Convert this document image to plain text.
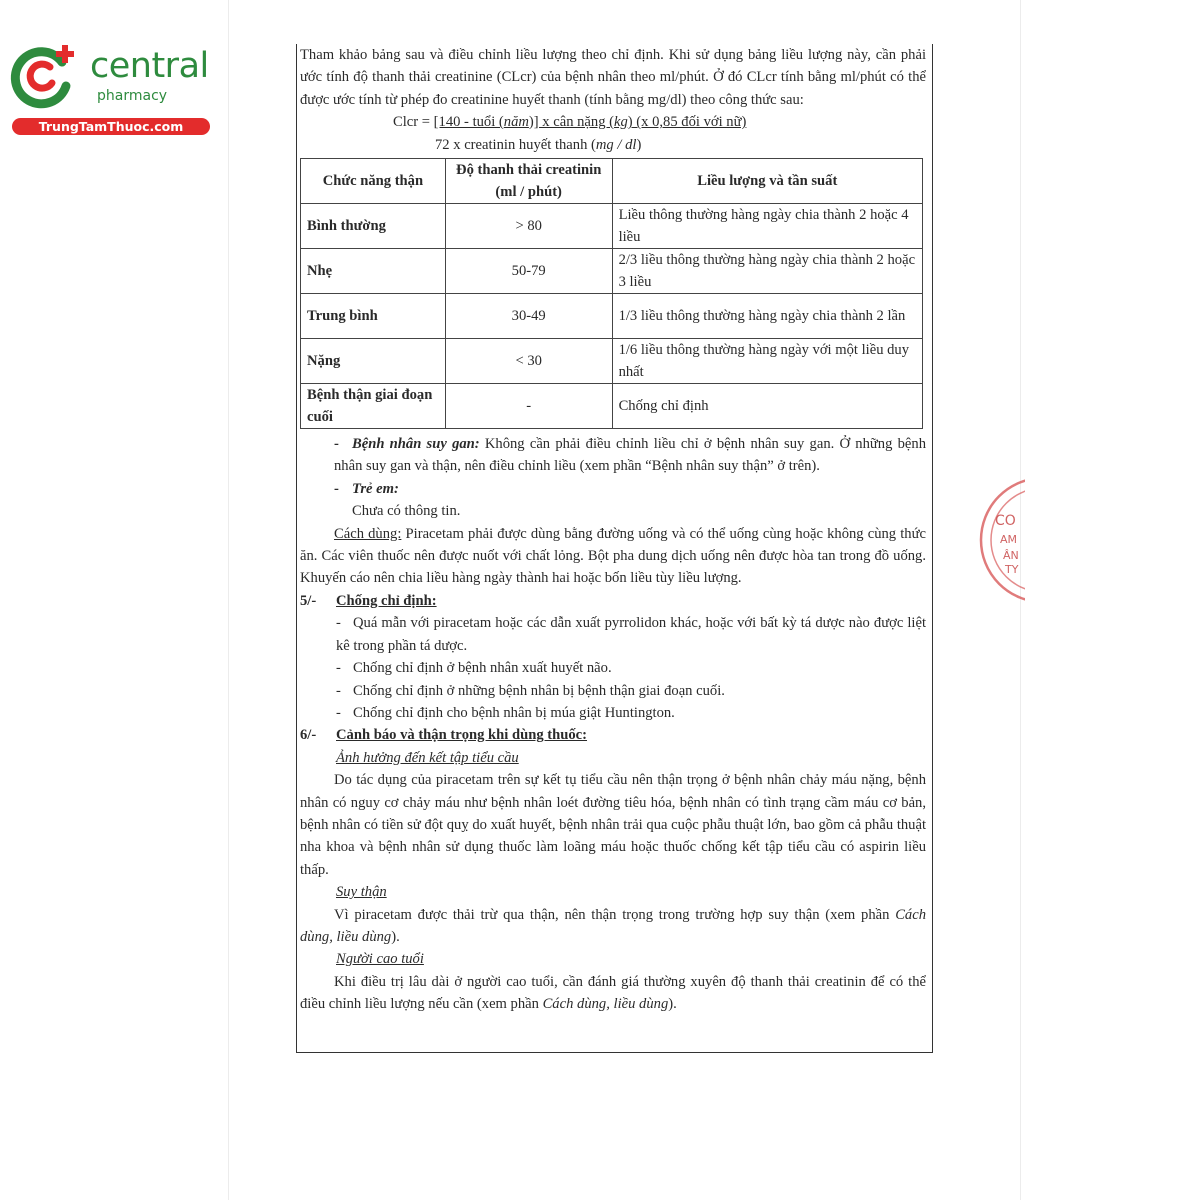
central
pharmacy
TrungTamThuoc.com
CO
AM
ÂN
TY

Tham khảo bảng sau và điều chỉnh liều lượng theo chỉ định. Khi sử dụng bảng liều lượng này, cần phải ước tính độ thanh thải creatinine (CLcr) của bệnh nhân theo ml/phút. Ở đó CLcr tính bằng ml/phút có thể được ước tính từ phép đo creatinine huyết thanh (tính bằng mg/dl) theo công thức sau:

Clcr = [140 - tuổi (năm)] x cân nặng (kg) (x 0,85 đối với nữ)

72 x creatinin huyết thanh (mg / dl)

Chức năng thận	Độ thanh thải creatinin (ml / phút)	Liều lượng và tần suất
Bình thường	> 80	Liều thông thường hàng ngày chia thành 2 hoặc 4 liều
Nhẹ	50-79	2/3 liều thông thường hàng ngày chia thành 2 hoặc 3 liều
Trung bình	30-49	1/3 liều thông thường hàng ngày chia thành 2 lần
Nặng	< 30	1/6 liều thông thường hàng ngày với một liều duy nhất
Bệnh thận giai đoạn cuối	-	Chống chỉ định

- Bệnh nhân suy gan: Không cần phải điều chỉnh liều chỉ ở bệnh nhân suy gan. Ở những bệnh nhân suy gan và thận, nên điều chỉnh liều (xem phần “Bệnh nhân suy thận” ở trên).

- Trẻ em:

Chưa có thông tin.

Cách dùng: Piracetam phải được dùng bằng đường uống và có thể uống cùng hoặc không cùng thức ăn. Các viên thuốc nên được nuốt với chất lỏng. Bột pha dung dịch uống nên được hòa tan trong đồ uống. Khuyến cáo nên chia liều hàng ngày thành hai hoặc bốn liều tùy liều lượng.

5/- Chống chỉ định:

- Quá mẫn với piracetam hoặc các dẫn xuất pyrrolidon khác, hoặc với bất kỳ tá dược nào được liệt kê trong phần tá dược.

- Chống chỉ định ở bệnh nhân xuất huyết não.

- Chống chỉ định ở những bệnh nhân bị bệnh thận giai đoạn cuối.

- Chống chỉ định cho bệnh nhân bị múa giật Huntington.

6/- Cảnh báo và thận trọng khi dùng thuốc:

Ảnh hưởng đến kết tập tiểu cầu

Do tác dụng của piracetam trên sự kết tụ tiểu cầu nên thận trọng ở bệnh nhân chảy máu nặng, bệnh nhân có nguy cơ chảy máu như bệnh nhân loét đường tiêu hóa, bệnh nhân có tình trạng cầm máu cơ bản, bệnh nhân có tiền sử đột quỵ do xuất huyết, bệnh nhân trải qua cuộc phẫu thuật lớn, bao gồm cả phẫu thuật nha khoa và bệnh nhân sử dụng thuốc làm loãng máu hoặc thuốc chống kết tập tiểu cầu có aspirin liều thấp.

Suy thận

Vì piracetam được thải trừ qua thận, nên thận trọng trong trường hợp suy thận (xem phần Cách dùng, liều dùng).

Người cao tuổi

Khi điều trị lâu dài ở người cao tuổi, cần đánh giá thường xuyên độ thanh thải creatinin để có thể điều chỉnh liều lượng nếu cần (xem phần Cách dùng, liều dùng).
